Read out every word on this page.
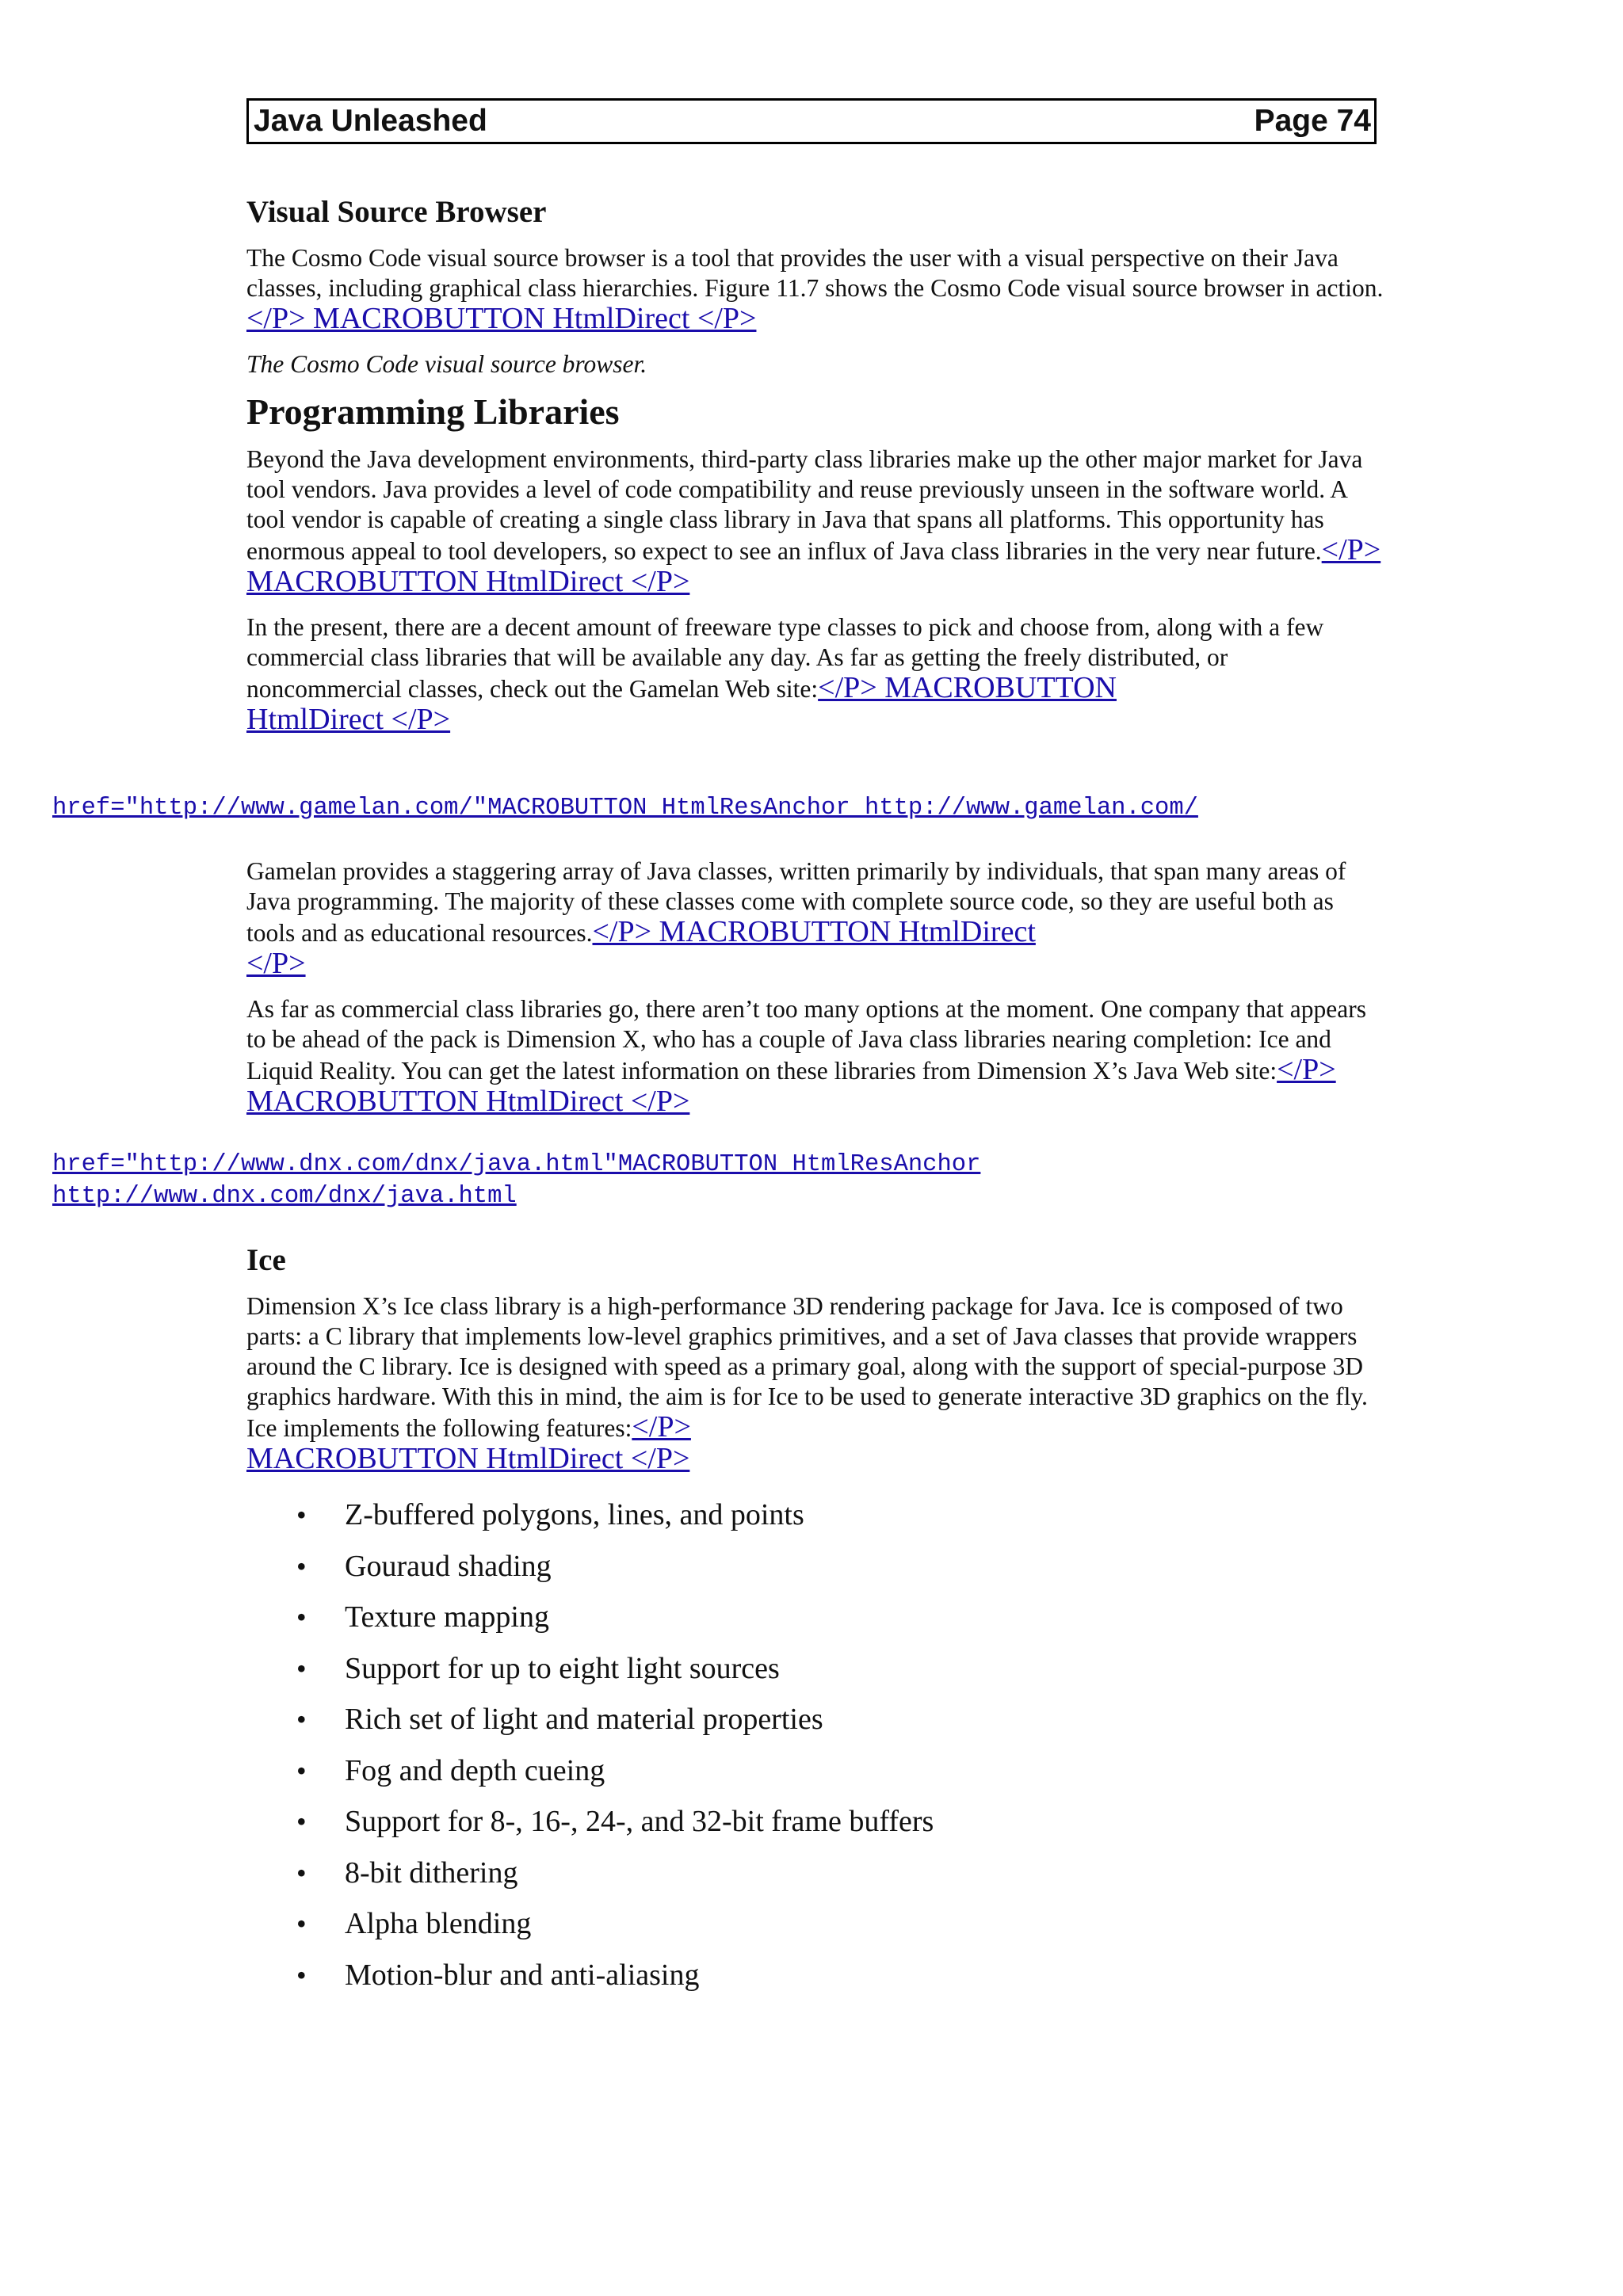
Java Unleashed	Page 74
Visual Source Browser

The Cosmo Code visual source browser is a tool that provides the user with a visual perspective on their Java classes, including graphical class hierarchies. Figure 11.7 shows the Cosmo Code visual source browser in action.</P> MACROBUTTON HtmlDirect </P>

The Cosmo Code visual source browser.

Programming Libraries

Beyond the Java development environments, third-party class libraries make up the other major market for Java tool vendors. Java provides a level of code compatibility and reuse previously unseen in the software world. A tool vendor is capable of creating a single class library in Java that spans all platforms. This opportunity has enormous appeal to tool developers, so expect to see an influx of Java class libraries in the very near future.</P> MACROBUTTON HtmlDirect </P>

In the present, there are a decent amount of freeware type classes to pick and choose from, along with a few commercial class libraries that will be available any day. As far as getting the freely distributed, or noncommercial classes, check out the Gamelan Web site:</P> MACROBUTTON
HtmlDirect </P>

href="http://www.gamelan.com/"MACROBUTTON HtmlResAnchor http://www.gamelan.com/

Gamelan provides a staggering array of Java classes, written primarily by individuals, that span many areas of Java programming. The majority of these classes come with complete source code, so they are useful both as tools and as educational resources.</P> MACROBUTTON HtmlDirect
</P>

As far as commercial class libraries go, there aren’t too many options at the moment. One company that appears to be ahead of the pack is Dimension X, who has a couple of Java class libraries nearing completion: Ice and Liquid Reality. You can get the latest information on these libraries from Dimension X’s Java Web site:</P> MACROBUTTON HtmlDirect </P>

href="http://www.dnx.com/dnx/java.html"MACROBUTTON HtmlResAnchor

http://www.dnx.com/dnx/java.html

Ice

Dimension X’s Ice class library is a high-performance 3D rendering package for Java. Ice is composed of two parts: a C library that implements low-level graphics primitives, and a set of Java classes that provide wrappers around the C library. Ice is designed with speed as a primary goal, along with the support of special-purpose 3D graphics hardware. With this in mind, the aim is for Ice to be used to generate interactive 3D graphics on the fly. Ice implements the following features:</P>
MACROBUTTON HtmlDirect </P>

• Z-buffered polygons, lines, and points
• Gouraud shading
• Texture mapping
• Support for up to eight light sources
• Rich set of light and material properties
• Fog and depth cueing
• Support for 8-, 16-, 24-, and 32-bit frame buffers
• 8-bit dithering
• Alpha blending
• Motion-blur and anti-aliasing
